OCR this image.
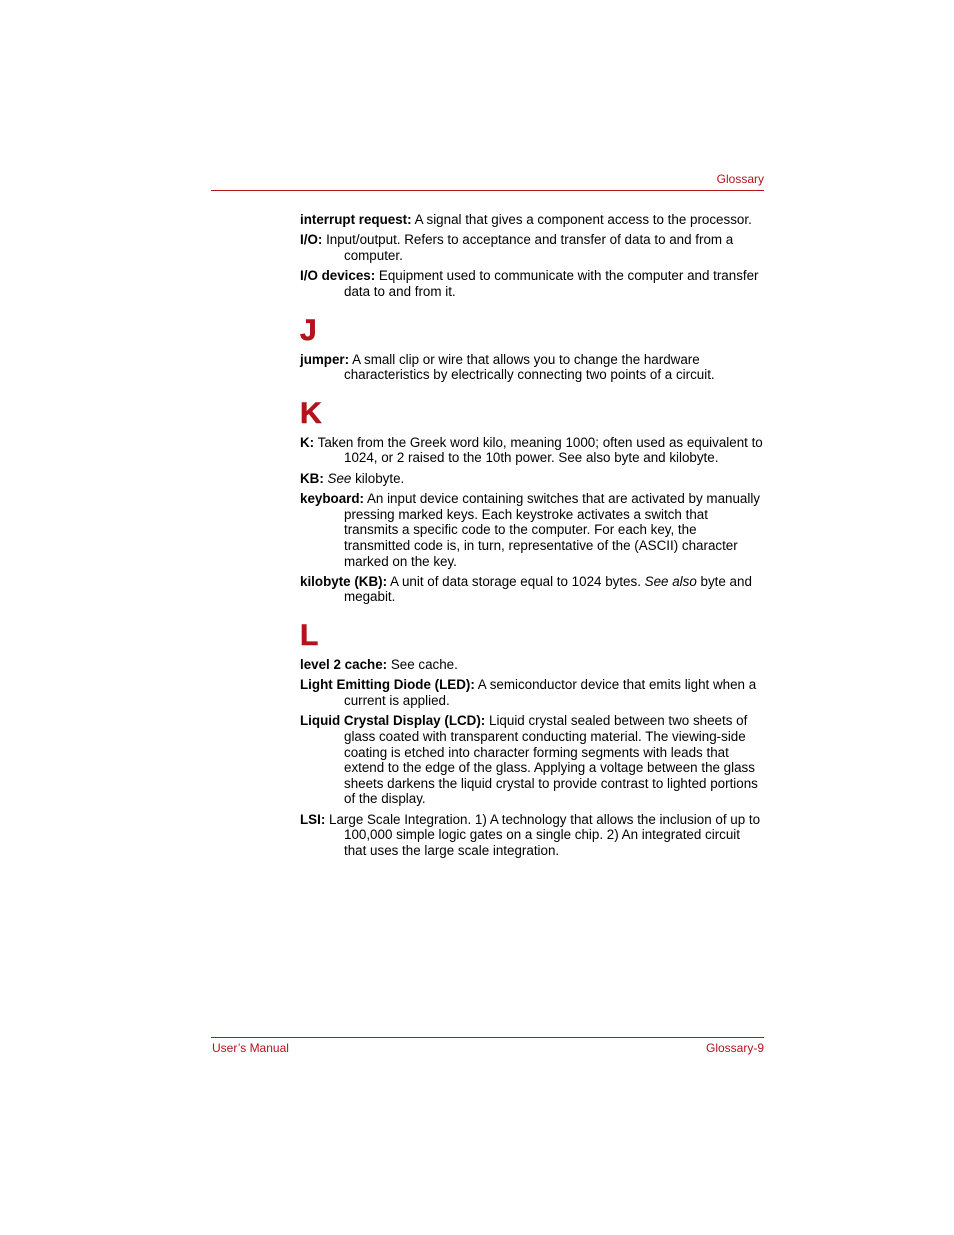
Glossary

interrupt request: A signal that gives a component access to the processor.

I/O: Input/output. Refers to acceptance and transfer of data to and from a computer.

I/O devices: Equipment used to communicate with the computer and transfer data to and from it.

J

jumper: A small clip or wire that allows you to change the hardware characteristics by electrically connecting two points of a circuit.

K

K: Taken from the Greek word kilo, meaning 1000; often used as equivalent to 1024, or 2 raised to the 10th power. See also byte and kilobyte.

KB: See kilobyte.

keyboard: An input device containing switches that are activated by manually pressing marked keys. Each keystroke activates a switch that transmits a specific code to the computer. For each key, the transmitted code is, in turn, representative of the (ASCII) character marked on the key.

kilobyte (KB): A unit of data storage equal to 1024 bytes. See also byte and megabit.

L

level 2 cache: See cache.

Light Emitting Diode (LED): A semiconductor device that emits light when a current is applied.

Liquid Crystal Display (LCD): Liquid crystal sealed between two sheets of glass coated with transparent conducting material. The viewing-side coating is etched into character forming segments with leads that extend to the edge of the glass. Applying a voltage between the glass sheets darkens the liquid crystal to provide contrast to lighted portions of the display.

LSI: Large Scale Integration. 1) A technology that allows the inclusion of up to 100,000 simple logic gates on a single chip. 2) An integrated circuit that uses the large scale integration.

User’s Manual	Glossary-9
